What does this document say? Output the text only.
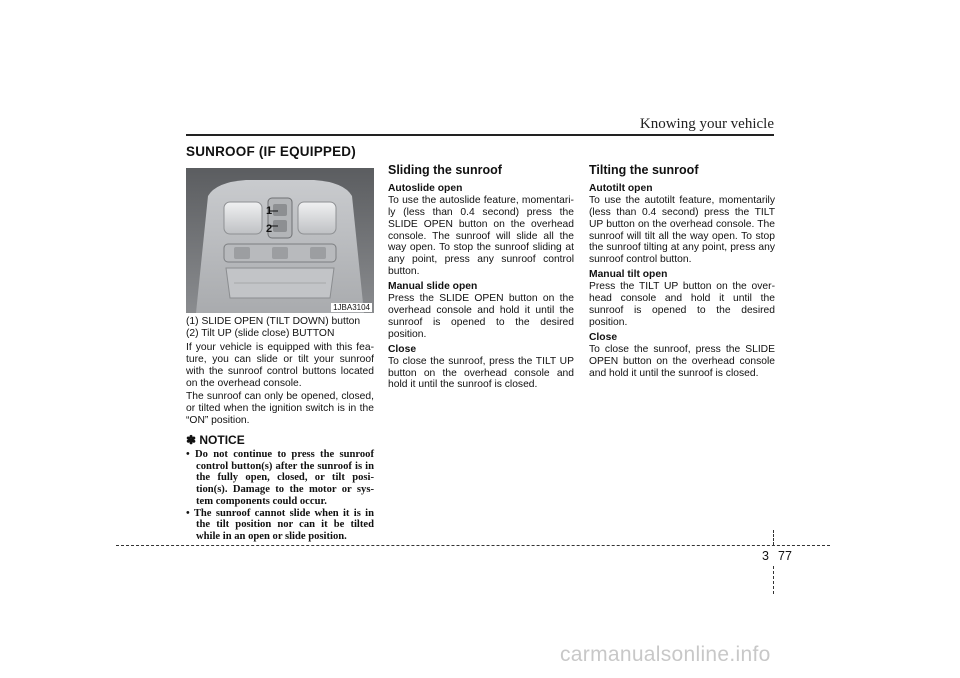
Knowing your vehicle
SUNROOF (IF EQUIPPED)
1
2
1JBA3104

(1) SLIDE OPEN (TILT DOWN) button

(2) Tilt UP (slide close) BUTTON

If your vehicle is equipped with this fea-ture, you can slide or tilt your sunroof with the sunroof control buttons located on the overhead console.

The sunroof can only be opened, closed, or tilted when the ignition switch is in the “ON” position.

✽ NOTICE
• Do not continue to press the sunroof control button(s) after the sunroof is in the fully open, closed, or tilt posi-tion(s). Damage to the motor or sys-tem components could occur.
• The sunroof cannot slide when it is in the tilt position nor can it be tilted while in an open or slide position.
Sliding the sunroof

Autoslide open

To use the autoslide feature, momentari-ly (less than 0.4 second) press the SLIDE OPEN button on the overhead console. The sunroof will slide all the way open. To stop the sunroof sliding at any point, press any sunroof control button.

Manual slide open

Press the SLIDE OPEN button on the overhead console and hold it until the sunroof is opened to the desired position.

Close

To close the sunroof, press the TILT UP button on the overhead console and hold it until the sunroof is closed.

Tilting the sunroof

Autotilt open

To use the autotilt feature, momentarily (less than 0.4 second) press the TILT UP button on the overhead console. The sunroof will tilt all the way open. To stop the sunroof tilting at any point, press any sunroof control button.

Manual tilt open

Press the TILT UP button on the over-head console and hold it until the sunroof is opened to the desired position.

Close

To close the sunroof, press the SLIDE OPEN button on the overhead console and hold it until the sunroof is closed.

3 77
carmanualsonline.info
